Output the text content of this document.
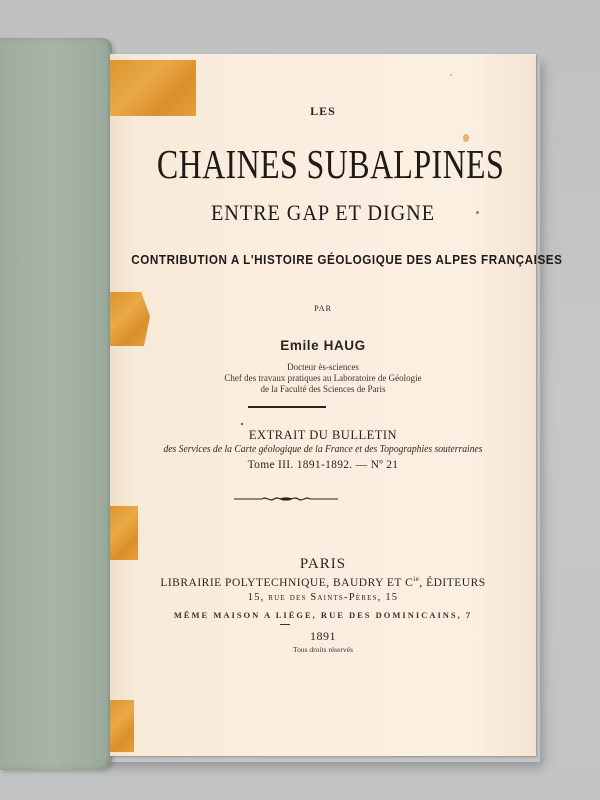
LES
CHAINES SUBALPINES
ENTRE GAP ET DIGNE
CONTRIBUTION A L'HISTOIRE GÉOLOGIQUE DES ALPES FRANÇAISES
PAR
Emile HAUG
Docteur ès-sciences
Chef des travaux pratiques au Laboratoire de Géologie
de la Faculté des Sciences de Paris
EXTRAIT DU BULLETIN
des Services de la Carte géologique de la France et des Topographies souterraines
Tome III. 1891-1892. — Nº 21
PARIS
LIBRAIRIE POLYTECHNIQUE, BAUDRY ET $C^{ie}$, ÉDITEURS
15, rue des Saints-Pères, 15
MÊME MAISON A LIÈGE, RUE DES DOMINICAINS, 7
1891
Tous droits réservés
